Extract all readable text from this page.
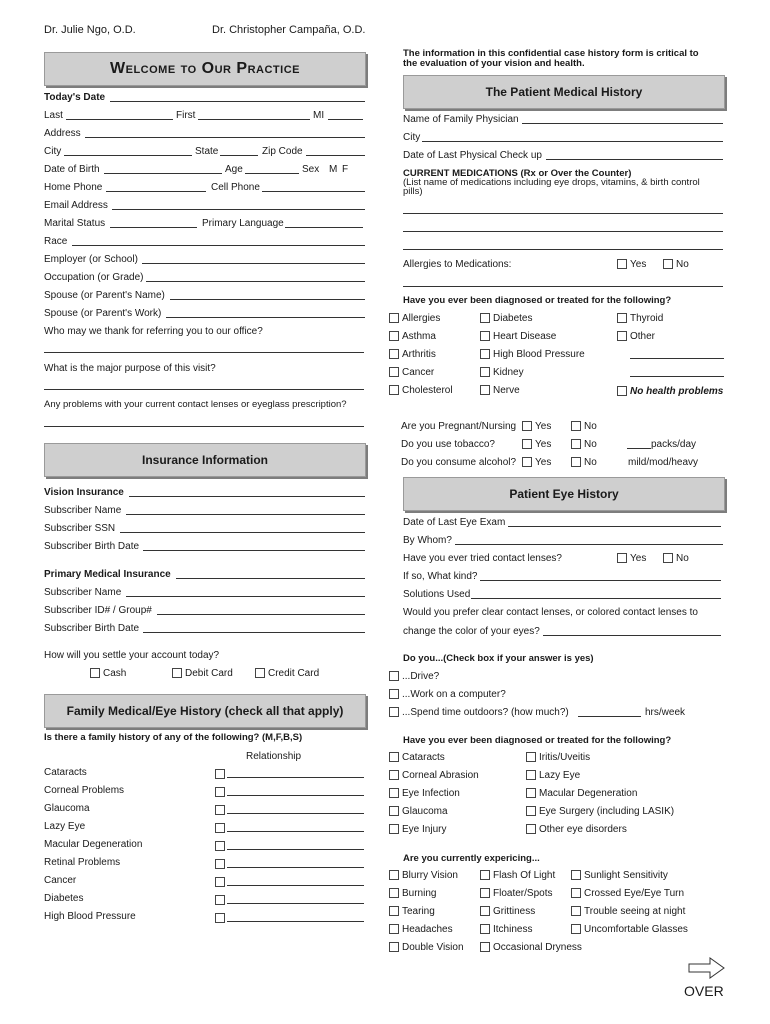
Dr. Julie Ngo, O.D.	Dr. Christopher Campaña, O.D.
The information in this confidential case history form is critical to
the evaluation of your vision and health.
Welcome to Our Practice
Today's Date
Last	First	MI
Address
City	State	Zip Code
Date of Birth	Age	Sex M F
Home Phone	Cell Phone
Email Address
Marital Status	Primary Language
Race
Employer (or School)
Occupation (or Grade)
Spouse (or Parent's Name)
Spouse (or Parent's Work)
Who may we thank for referring you to our office?
What is the major purpose of this visit?
Any problems with your current contact lenses or eyeglass prescription?
Insurance Information
Vision Insurance
Subscriber Name
Subscriber SSN
Subscriber Birth Date
Primary Medical Insurance
Subscriber Name
Subscriber ID# / Group#
Subscriber Birth Date
How will you settle your account today?
Cash	Debit Card	Credit Card
Family Medical/Eye History (check all that apply)
Is there a family history of any of the following? (M,F,B,S)
Relationship
Cataracts
Corneal Problems
Glaucoma
Lazy Eye
Macular Degeneration
Retinal Problems
Cancer
Diabetes
High Blood Pressure
The Patient Medical History
Name of Family Physician
City
Date of Last Physical Check up
CURRENT MEDICATIONS (Rx or Over the Counter)
(List name of medications including eye drops, vitamins, & birth control
pills)
Allergies to Medications:	Yes	No
Have you ever been diagnosed or treated for the following?
Allergies
Asthma
Arthritis
Cancer
Cholesterol
Diabetes
Heart Disease
High Blood Pressure
Kidney
Nerve
Thyroid
Other
No health problems
Are you Pregnant/Nursing	Yes	No
Do you use tobacco?	Yes	No	packs/day
Do you consume alcohol?	Yes	No	mild/mod/heavy
Patient Eye History
Date of Last Eye Exam
By Whom?
Have you ever tried contact lenses?	Yes	No
If so, What kind?
Solutions Used
Would you prefer clear contact lenses, or colored contact lenses to
change the color of your eyes?
Do you...(Check box if your answer is yes)
...Drive?
...Work on a computer?
...Spend time outdoors? (how much?)	hrs/week
Have you ever been diagnosed or treated for the following?
Cataracts
Corneal Abrasion
Eye Infection
Glaucoma
Eye Injury
Iritis/Uveitis
Lazy Eye
Macular Degeneration
Eye Surgery (including LASIK)
Other eye disorders
Are you currently expericing...
Blurry Vision
Burning
Tearing
Headaches
Double Vision
Flash Of Light
Floater/Spots
Grittiness
Itchiness
Occasional Dryness
Sunlight Sensitivity
Crossed Eye/Eye Turn
Trouble seeing at night
Uncomfortable Glasses
OVER
